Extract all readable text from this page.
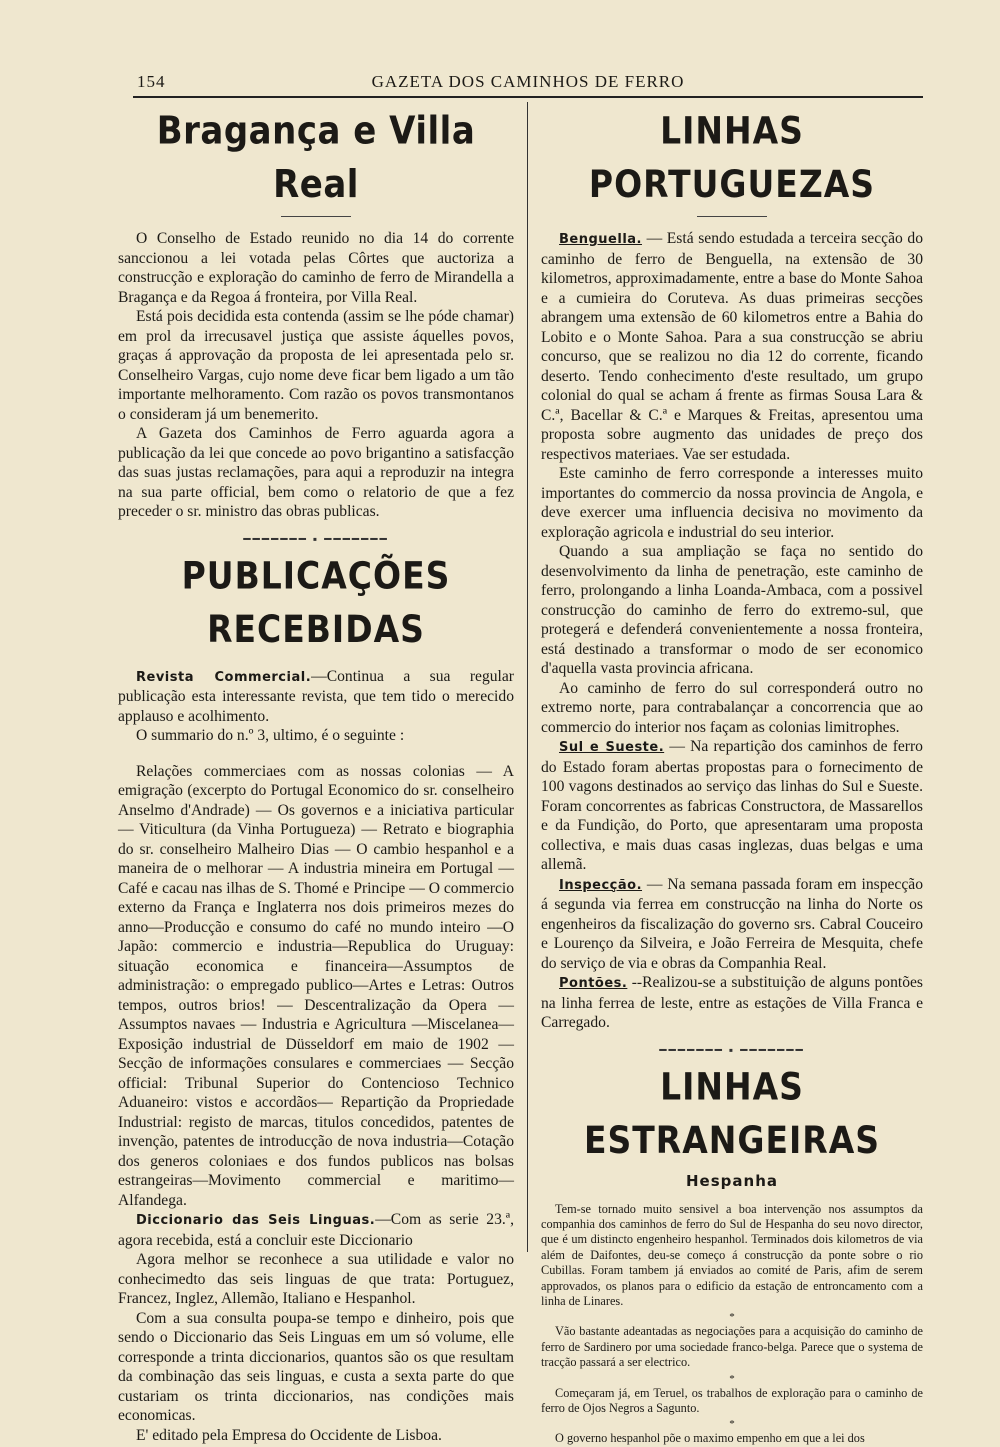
154	GAZETA DOS CAMINHOS DE FERRO
Bragança e Villa Real

O Conselho de Estado reunido no dia 14 do corrente sanccionou a lei votada pelas Côrtes que auctoriza a construcção e exploração do caminho de ferro de Mirandella a Bragança e da Regoa á fronteira, por Villa Real.

Está pois decidida esta contenda (assim se lhe póde chamar) em prol da irrecusavel justiça que assiste áquelles povos, graças á approvação da proposta de lei apresentada pelo sr. Conselheiro Vargas, cujo nome deve ficar bem ligado a um tão importante melhoramento. Com razão os povos transmontanos o consideram já um benemerito.

A Gazeta dos Caminhos de Ferro aguarda agora a publicação da lei que concede ao povo brigantino a satisfacção das suas justas reclamações, para aqui a reproduzir na integra na sua parte official, bem como o relatorio de que a fez preceder o sr. ministro das obras publicas.

━━━━━━━ ▪ ━━━━━━━
PUBLICAÇÕES RECEBIDAS

Revista Commercial.—Continua a sua regular publicação esta interessante revista, que tem tido o merecido applauso e acolhimento.

O summario do n.º 3, ultimo, é o seguinte :

Relações commerciaes com as nossas colonias — A emigração (excerpto do Portugal Economico do sr. conselheiro Anselmo d'Andrade) — Os governos e a iniciativa particular — Viticultura (da Vinha Portugueza) — Retrato e biographia do sr. conselheiro Malheiro Dias — O cambio hespanhol e a maneira de o melhorar — A industria mineira em Portugal — Café e cacau nas ilhas de S. Thomé e Principe — O commercio externo da França e Inglaterra nos dois primeiros mezes do anno—Producção e consumo do café no mundo inteiro —O Japão: commercio e industria—Republica do Uruguay: situação economica e financeira—Assumptos de administração: o empregado publico—Artes e Letras: Outros tempos, outros brios! — Descentralização da Opera — Assumptos navaes — Industria e Agricultura —Miscelanea— Exposição industrial de Düsseldorf em maio de 1902 — Secção de informações consulares e commerciaes — Secção official: Tribunal Superior do Contencioso Technico Aduaneiro: vistos e accordãos— Repartição da Propriedade Industrial: registo de marcas, titulos concedidos, patentes de invenção, patentes de introducção de nova industria—Cotação dos generos coloniaes e dos fundos publicos nas bolsas estrangeiras—Movimento commercial e maritimo—Alfandega.

Diccionario das Seis Linguas.—Com as serie 23.ª, agora recebida, está a concluir este Diccionario

Agora melhor se reconhece a sua utilidade e valor no conhecimedto das seis linguas de que trata: Portuguez, Francez, Inglez, Allemão, Italiano e Hespanhol.

Com a sua consulta poupa-se tempo e dinheiro, pois que sendo o Diccionario das Seis Linguas em um só volume, elle corresponde a trinta diccionarios, quantos são os que resultam da combinação das seis linguas, e custa a sexta parte do que custariam os trinta diccionarios, nas condições mais economicas.

E' editado pela Empresa do Occidente de Lisboa.

LINHAS PORTUGUEZAS

Benguella. — Está sendo estudada a terceira secção do caminho de ferro de Benguella, na extensão de 30 kilometros, approximadamente, entre a base do Monte Sahoa e a cumieira do Coruteva. As duas primeiras secções abrangem uma extensão de 60 kilometros entre a Bahia do Lobito e o Monte Sahoa. Para a sua construcção se abriu concurso, que se realizou no dia 12 do corrente, ficando deserto. Tendo conhecimento d'este resultado, um grupo colonial do qual se acham á frente as firmas Sousa Lara & C.ª, Bacellar & C.ª e Marques & Freitas, apresentou uma proposta sobre augmento das unidades de preço dos respectivos materiaes. Vae ser estudada.

Este caminho de ferro corresponde a interesses muito importantes do commercio da nossa provincia de Angola, e deve exercer uma influencia decisiva no movimento da exploração agricola e industrial do seu interior.

Quando a sua ampliação se faça no sentido do desenvolvimento da linha de penetração, este caminho de ferro, prolongando a linha Loanda-Ambaca, com a possivel construcção do caminho de ferro do extremo-sul, que protegerá e defenderá convenientemente a nossa fronteira, está destinado a transformar o modo de ser economico d'aquella vasta provincia africana.

Ao caminho de ferro do sul corresponderá outro no extremo norte, para contrabalançar a concorrencia que ao commercio do interior nos façam as colonias limitrophes.

Sul e Sueste. — Na repartição dos caminhos de ferro do Estado foram abertas propostas para o fornecimento de 100 vagons destinados ao serviço das linhas do Sul e Sueste. Foram concorrentes as fabricas Constructora, de Massarellos e da Fundição, do Porto, que apresentaram uma proposta collectiva, e mais duas casas inglezas, duas belgas e uma allemã.

Inspecção. — Na semana passada foram em inspecção á segunda via ferrea em construcção na linha do Norte os engenheiros da fiscalização do governo srs. Cabral Couceiro e Lourenço da Silveira, e João Ferreira de Mesquita, chefe do serviço de via e obras da Companhia Real.

Pontões. --Realizou-se a substituição de alguns pontões na linha ferrea de leste, entre as estações de Villa Franca e Carregado.

━━━━━━━ ▪ ━━━━━━━
LINHAS ESTRANGEIRAS
Hespanha

Tem-se tornado muito sensivel a boa intervenção nos assumptos da companhia dos caminhos de ferro do Sul de Hespanha do seu novo director, que é um distincto engenheiro hespanhol. Terminados dois kilometros de via além de Daifontes, deu-se começo á construcção da ponte sobre o rio Cubillas. Foram tambem já enviados ao comité de Paris, afim de serem approvados, os planos para o edificio da estação de entroncamento com a linha de Linares.

*

Vão bastante adeantadas as negociações para a acquisição do caminho de ferro de Sardinero por uma sociedade franco-belga. Parece que o systema de tracção passará a ser electrico.

*

Começaram já, em Teruel, os trabalhos de exploração para o caminho de ferro de Ojos Negros a Sagunto.

*

O governo hespanhol põe o maximo empenho em que a lei dos
